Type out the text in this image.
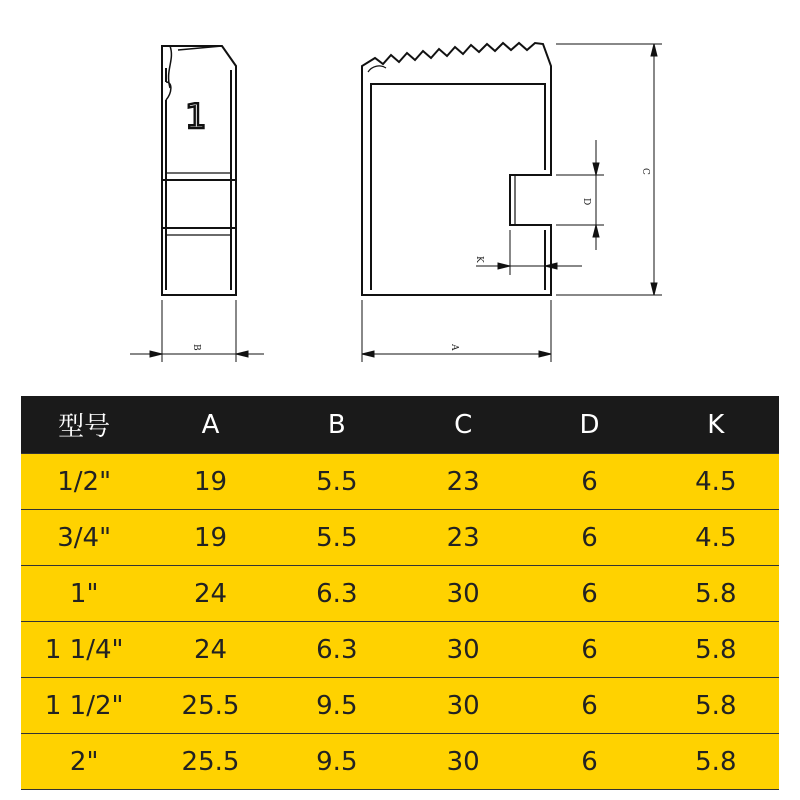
1
B	A
C
D
K
型号	A	B	C	D	K
1/2"	19	5.5	23	6	4.5
3/4"	19	5.5	23	6	4.5
1"	24	6.3	30	6	5.8
1 1/4"	24	6.3	30	6	5.8
1 1/2"	25.5	9.5	30	6	5.8
2"	25.5	9.5	30	6	5.8
